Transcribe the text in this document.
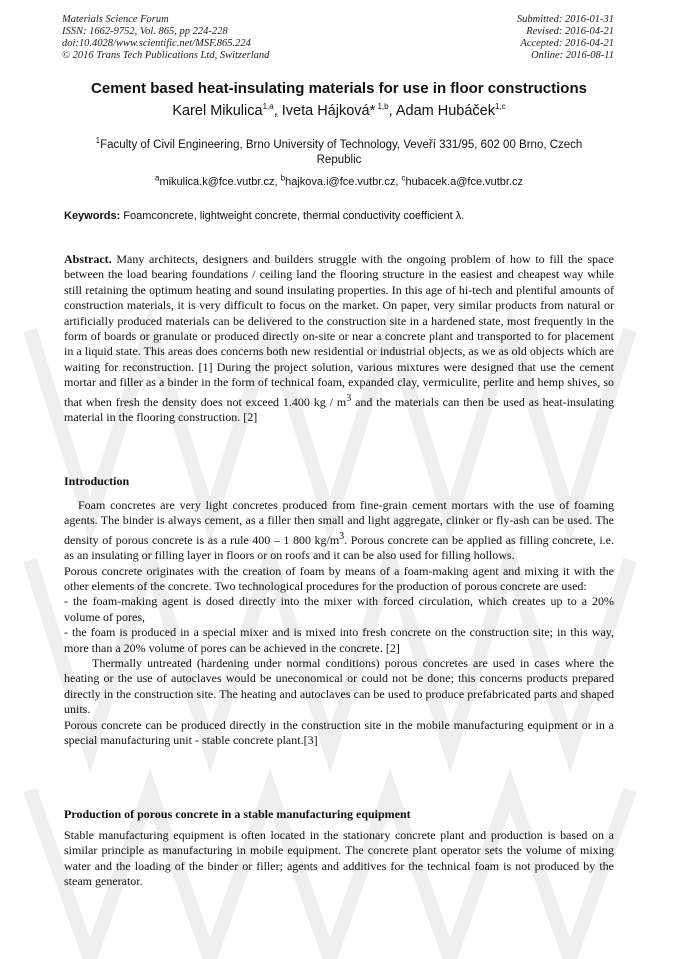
Materials Science Forum
ISSN: 1662-9752, Vol. 865, pp 224-228
doi:10.4028/www.scientific.net/MSF.865.224
© 2016 Trans Tech Publications Ltd, Switzerland
Submitted: 2016-01-31
Revised: 2016-04-21
Accepted: 2016-04-21
Online: 2016-08-11
Cement based heat-insulating materials for use in floor constructions
Karel Mikulica$^{1,a}$, Iveta Hájková* $^{1,b}$, Adam Hubáček$^{1,c}$
$^1$Faculty of Civil Engineering, Brno University of Technology, Veveří 331/95, 602 00 Brno, Czech Republic
$^a$mikulica.k@fce.vutbr.cz, $^b$hajkova.i@fce.vutbr.cz, $^c$hubacek.a@fce.vutbr.cz
Keywords: Foamconcrete, lightweight concrete, thermal conductivity coefficient λ.

Abstract. Many architects, designers and builders struggle with the ongoing problem of how to fill the space between the load bearing foundations / ceiling land the flooring structure in the easiest and cheapest way while still retaining the optimum heating and sound insulating properties. In this age of hi-tech and plentiful amounts of construction materials, it is very difficult to focus on the market. On paper, very similar products from natural or artificially produced materials can be delivered to the construction site in a hardened state, most frequently in the form of boards or granulate or produced directly on-site or near a concrete plant and transported to for placement in a liquid state. This areas does concerns both new residential or industrial objects, as we as old objects which are waiting for reconstruction. [1] During the project solution, various mixtures were designed that use the cement mortar and filler as a binder in the form of technical foam, expanded clay, vermiculite, perlite and hemp shives, so that when fresh the density does not exceed 1.400 kg / $m^3$ and the materials can then be used as heat-insulating material in the flooring construction. [2]

Introduction

Foam concretes are very light concretes produced from fine-grain cement mortars with the use of foaming agents. The binder is always cement, as a filler then small and light aggregate, clinker or fly-ash can be used. The density of porous concrete is as a rule 400 – 1 800 $kg/m^3$. Porous concrete can be applied as filling concrete, i.e. as an insulating or filling layer in floors or on roofs and it can be also used for filling hollows.

Porous concrete originates with the creation of foam by means of a foam-making agent and mixing it with the other elements of the concrete. Two technological procedures for the production of porous concrete are used:

- the foam-making agent is dosed directly into the mixer with forced circulation, which creates up to a 20% volume of pores,

- the foam is produced in a special mixer and is mixed into fresh concrete on the construction site; in this way, more than a 20% volume of pores can be achieved in the concrete. [2]

Thermally untreated (hardening under normal conditions) porous concretes are used in cases where the heating or the use of autoclaves would be uneconomical or could not be done; this concerns products prepared directly in the construction site. The heating and autoclaves can be used to produce prefabricated parts and shaped units.

Porous concrete can be produced directly in the construction site in the mobile manufacturing equipment or in a special manufacturing unit - stable concrete plant.[3]

Production of porous concrete in a stable manufacturing equipment

Stable manufacturing equipment is often located in the stationary concrete plant and production is based on a similar principle as manufacturing in mobile equipment. The concrete plant operator sets the volume of mixing water and the loading of the binder or filler; agents and additives for the technical foam is not produced by the steam generator.
